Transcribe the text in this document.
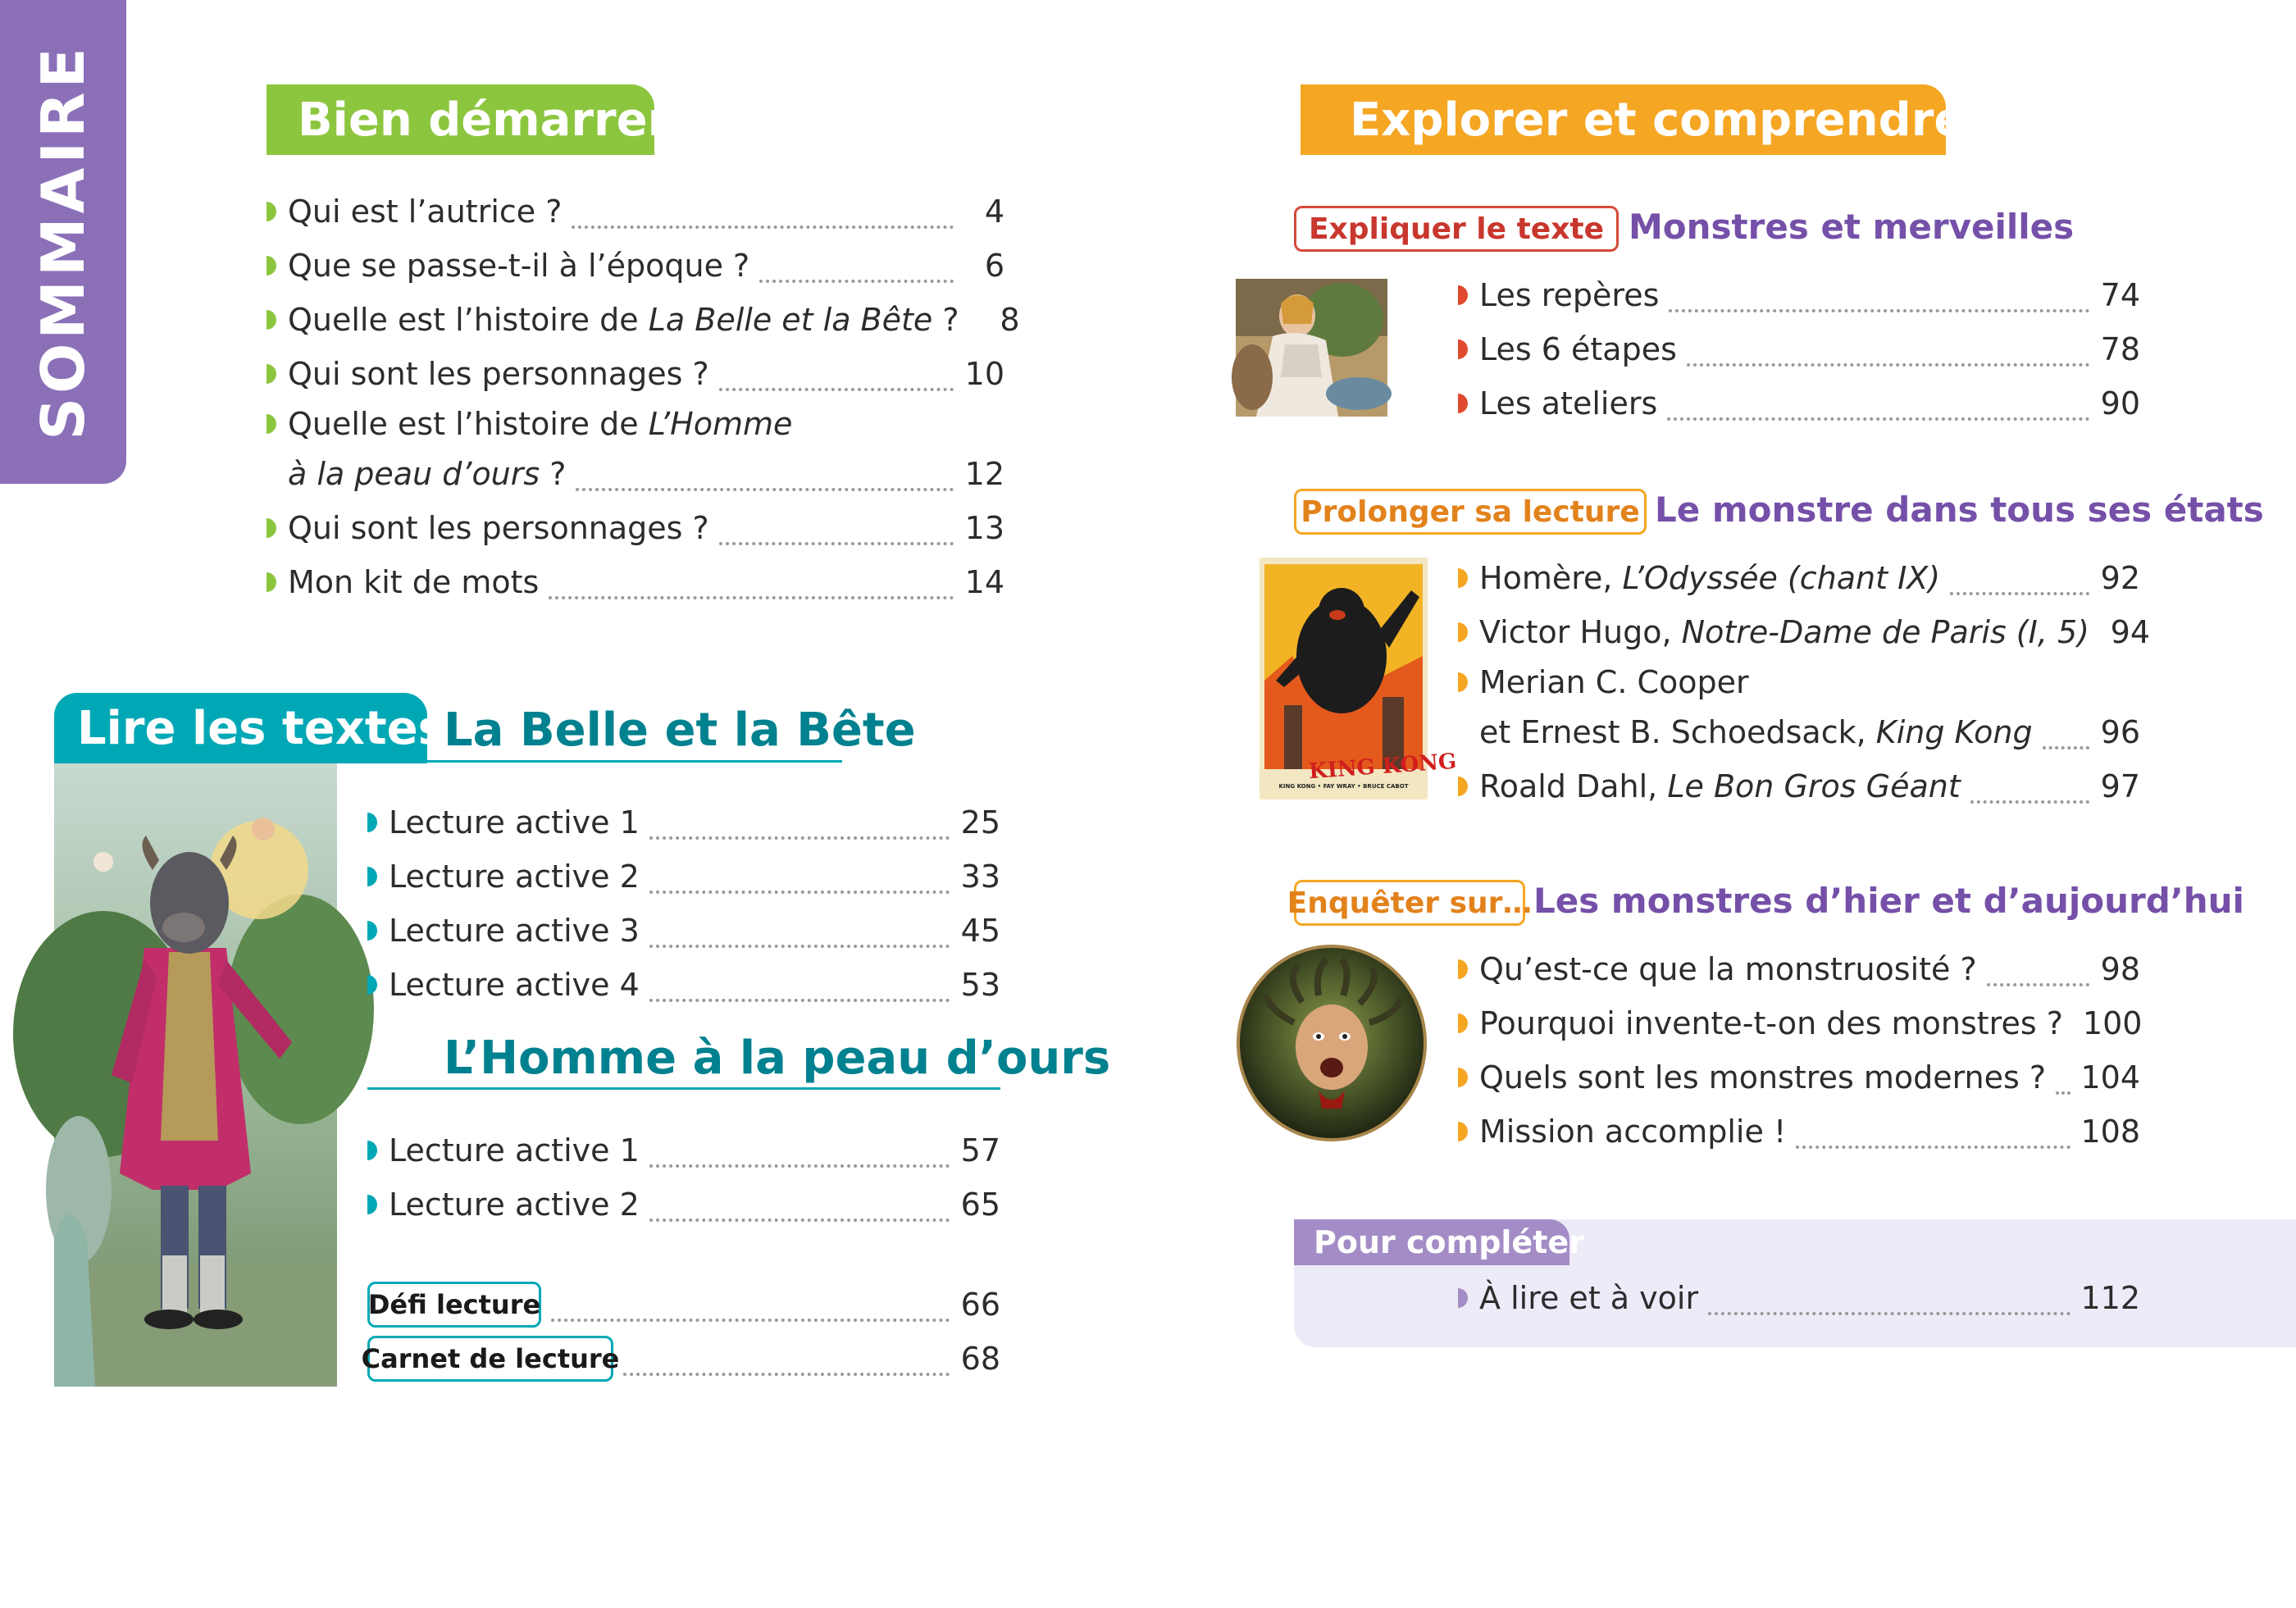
SOMMAIRE	Bien démarrer
Qui est l’autrice ?	4
Que se passe-t-il à l’époque ?	6
Quelle est l’histoire de La Belle et la Bête ?	8
Qui sont les personnages ?	10
Quelle est l’histoire de L’Homme
à la peau d’ours ?	12
Qui sont les personnages ?	13
Mon kit de mots	14
Lire les textes
La Belle et la Bête
Lecture active 1	25
Lecture active 2	33
Lecture active 3	45
Lecture active 4	53
L’Homme à la peau d’ours
Lecture active 1	57
Lecture active 2	65
Défi lecture	66
Carnet de lecture	68
Explorer et comprendre
Expliquer le texte Monstres et merveilles
Les repères	74
Les 6 étapes	78
Les ateliers	90
Prolonger sa lecture Le monstre dans tous ses états
KING KONG
KING KONG • FAY WRAY • BRUCE CABOT
Homère, L’Odyssée (chant IX)	92
Victor Hugo, Notre-Dame de Paris (I, 5) 94
Merian C. Cooper
et Ernest B. Schoedsack, King Kong 96
Roald Dahl, Le Bon Gros Géant	97
Enquêter sur… Les monstres d’hier et d’aujourd’hui
Qu’est-ce que la monstruosité ?	98
Pourquoi invente-t-on des monstres ? 100
Quels sont les monstres modernes ? 104
Mission accomplie !	108
Pour compléter
À lire et à voir	112
